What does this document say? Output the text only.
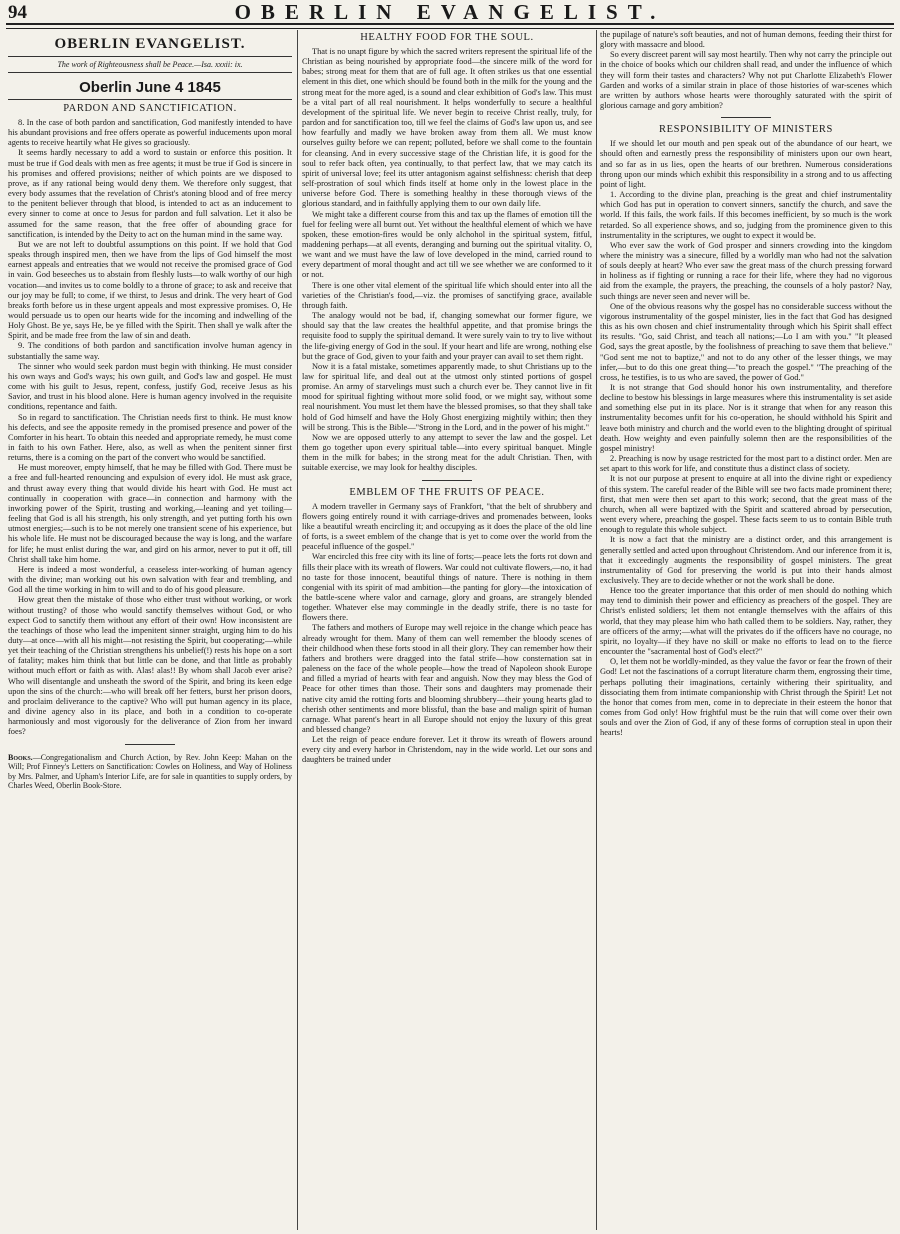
94	OBERLIN EVANGELIST.
OBERLIN EVANGELIST.
The work of Righteousness shall be Peace.—Isa. xxxii: ix.
Oberlin June 4 1845
PARDON AND SANCTIFICATION.

8. In the case of both pardon and sanctification, God manifestly intended to have his abundant provisions and free offers operate as powerful inducements upon moral agents to receive heartily what He gives so graciously.

It seems hardly necessary to add a word to sustain or enforce this position. It must be true if God deals with men as free agents; it must be true if God is sincere in his promises and offered provisions; neither of which points are we disposed to prove, as if any rational being would deny them. We therefore only suggest, that every body assumes that the revelation of Christ's atoning blood and of free mercy to the penitent believer through that blood, is intended to act as an inducement to every sinner to come at once to Jesus for pardon and full salvation. Let it also be assumed for the same reason, that the free offer of abounding grace for sanctification, is intended by the Deity to act on the human mind in the same way.

But we are not left to doubtful assumptions on this point. If we hold that God speaks through inspired men, then we have from the lips of God himself the most earnest appeals and entreaties that we would not receive the promised grace of God in vain. God beseeches us to abstain from fleshly lusts—to walk worthy of our high vocation—and invites us to come boldly to a throne of grace; to ask and receive that our joy may be full; to come, if we thirst, to Jesus and drink. The very heart of God breaks forth before us in these urgent appeals and most expressive promises. O, He would persuade us to open our hearts wide for the incoming and indwelling of the Holy Ghost. Be ye, says He, be ye filled with the Spirit. Then shall ye walk after the Spirit, and be made free from the law of sin and death.

9. The conditions of both pardon and sanctification involve human agency in substantially the same way.

The sinner who would seek pardon must begin with thinking. He must consider his own ways and God's ways; his own guilt, and God's law and gospel. He must come with his guilt to Jesus, repent, confess, justify God, receive Jesus as his Savior, and trust in his blood alone. Here is human agency involved in the requisite conditions, repentance and faith.

So in regard to sanctification. The Christian needs first to think. He must know his defects, and see the apposite remedy in the promised presence and power of the Comforter in his heart. To obtain this needed and appropriate remedy, he must come in faith to his own Father. Here, also, as well as when the penitent sinner first returns, there is a coming on the part of the convert who would be sanctified.

He must moreover, empty himself, that he may be filled with God. There must be a free and full-hearted renouncing and expulsion of every idol. He must ask grace, and thrust away every thing that would divide his heart with God. He must act continually in cooperation with grace—in connection and harmony with the inworking power of the Spirit, trusting and working,—leaning and yet toiling—feeling that God is all his strength, his only strength, and yet putting forth his own utmost energies;—such is to be not merely one transient scene of his experience, but his whole life. He must not be discouraged because the way is long, and the warfare for life; he must enlist during the war, and gird on his armor, never to put it off, till Christ shall take him home.

Here is indeed a most wonderful, a ceaseless inter-working of human agency with the divine; man working out his own salvation with fear and trembling, and God all the time working in him to will and to do of his good pleasure.

How great then the mistake of those who either trust without working, or work without trusting? of those who would sanctify themselves without God, or who expect God to sanctify them without any effort of their own! How inconsistent are the teachings of those who lead the impenitent sinner straight, urging him to do his duty—at once—with all his might—not resisting the Spirit, but cooperating;—while yet their teaching of the Christian strengthens his unbelief(!) rests his hope on a sort of fatality; makes him think that but little can be done, and that little as probably without much effort or faith as with. Alas! alas!! By whom shall Jacob ever arise? Who will disentangle and unsheath the sword of the Spirit, and bring its keen edge upon the sins of the church:—who will break off her fetters, burst her prison doors, and proclaim deliverance to the captive? Who will put human agency in its place, and divine agency also in its place, and both in a condition to co-operate harmoniously and most vigorously for the deliverance of Zion from her inward foes?

Books.—Congregationalism and Church Action, by Rev. John Keep: Mahan on the Will; Prof Finney's Letters on Sanctification: Cowles on Holiness, and Way of Holiness by Mrs. Palmer, and Upham's Interior Life, are for sale in quantities to supply orders, by Charles Weed, Oberlin Book-Store.

HEALTHY FOOD FOR THE SOUL.

That is no unapt figure by which the sacred writers represent the spiritual life of the Christian as being nourished by appropriate food—the sincere milk of the word for babes; strong meat for them that are of full age. It often strikes us that one essential element in this diet, one which should be found both in the milk for the young and the strong meat for the more aged, is a sound and clear exhibition of God's law. This must be a vital part of all real nourishment. It helps wonderfully to secure a healthful development of the spiritual life. We never begin to receive Christ really, truly, for pardon and for sanctification too, till we feel the claims of God's law upon us, and see how fearfully and madly we have broken away from them all. We must know ourselves guilty before we can repent; polluted, before we shall come to the fountain for cleansing. And in every successive stage of the Christian life, it is good for the soul to refer back often, yea continually, to that perfect law, that we may catch its spirit of universal love; feel its utter antagonism against selfishness: cherish that deep self-prostration of soul which finds itself at home only in the lowest place in the universe before God. There is something healthy in these thorough views of the glorious standard, and in faithfully applying them to our own daily life.

We might take a different course from this and tax up the flames of emotion till the fuel for feeling were all burnt out. Yet without the healthful element of which we have spoken, these emotion-fires would be only alchohol in the spiritual system, fitful, maddening perhaps—at all events, deranging and burning out the spiritual vitality. O, we want and we must have the law of love developed in the mind, carried round to every department of moral thought and act till we see whether we are conformed to it or not.

There is one other vital element of the spiritual life which should enter into all the varieties of the Christian's food,—viz. the promises of sanctifying grace, available through faith.

The analogy would not be bad, if, changing somewhat our former figure, we should say that the law creates the healthful appetite, and that promise brings the requisite food to supply the spiritual demand. It were surely vain to try to live without the life-giving energy of God in the soul. If your heart and life are wrong, nothing else but the grace of God, given to your faith and your prayer can avail to set them right.

Now it is a fatal mistake, sometimes apparently made, to shut Christians up to the law for spiritual life, and deal out at the utmost only stinted portions of gospel promise. An army of starvelings must such a church ever be. They cannot live in fit mood for spiritual fighting without more solid food, or we might say, without some real nourishment. You must let them have the blessed promises, so that they shall take hold of God himself and have the Holy Ghost energizing mightily within; then they will be strong. This is the Bible—"Strong in the Lord, and in the power of his might."

Now we are opposed utterly to any attempt to sever the law and the gospel. Let them go together upon every spiritual table—into every spiritual banquet. Mingle them in the milk for babes; in the strong meat for the adult Christian. Then, with suitable exercise, we may look for healthy disciples.

EMBLEM OF THE FRUITS OF PEACE.

A modern traveller in Germany says of Frankfort, "that the belt of shrubbery and flowers going entirely round it with carriage-drives and promenades between, looks like a beautiful wreath encircling it; and occupying as it does the place of the old line of forts, is a sweet emblem of the change that is yet to come over the world from the peaceful influence of the gospel."

War encircled this free city with its line of forts;—peace lets the forts rot down and fills their place with its wreath of flowers. War could not cultivate flowers,—no, it had no taste for those innocent, beautiful things of nature. There is nothing in them congenial with its spirit of mad ambition—the panting for glory—the intoxication of the battle-scene where valor and carnage, glory and groans, are strangely blended together. Whatever else may commingle in the deadly strife, there is no taste for flowers there.

The fathers and mothers of Europe may well rejoice in the change which peace has already wrought for them. Many of them can well remember the bloody scenes of their childhood when these forts stood in all their glory. They can remember how their fathers and brothers were dragged into the fatal strife—how consternation sat in paleness on the face of the whole people—how the tread of Napoleon shook Europe and filled a myriad of hearts with fear and anguish. Now they may bless the God of Peace for other times than those. Their sons and daughters may promenade their native city amid the rotting forts and blooming shrubbery—their young hearts glad to cherish other sentiments and more blissful, than the base and malign spirit of human carnage. What parent's heart in all Europe should not enjoy the luxury of this great and blessed change?

Let the reign of peace endure forever. Let it throw its wreath of flowers around every city and every harbor in Christendom, nay in the wide world. Let our sons and daughters be trained under

the pupilage of nature's soft beauties, and not of human demons, feeding their thirst for glory with massacre and blood.

So every discreet parent will say most heartily. Then why not carry the principle out in the choice of books which our children shall read, and under the influence of which they will form their tastes and characters? Why not put Charlotte Elizabeth's Flower Garden and works of a similar strain in place of those histories of war-scenes which are written by authors whose hearts were thoroughly saturated with the spirit of glorious carnage and gory ambition?

RESPONSIBILITY OF MINISTERS

If we should let our mouth and pen speak out of the abundance of our heart, we should often and earnestly press the responsibility of ministers upon our own heart, and so far as in us lies, open the hearts of our brethren. Numerous considerations throng upon our minds which exhibit this responsibility in a strong and to us affecting point of light.

1. According to the divine plan, preaching is the great and chief instrumentality which God has put in operation to convert sinners, sanctify the church, and save the world. If this fails, the work fails. If this becomes inefficient, by so much is the work retarded. So all experience shows, and so, judging from the prominence given to this instrumentality in the scriptures, we ought to expect it would be.

Who ever saw the work of God prosper and sinners crowding into the kingdom where the ministry was a sinecure, filled by a worldly man who had not the salvation of souls deeply at heart? Who ever saw the great mass of the church pressing forward in holiness as if fighting or running a race for their life, where they had no vigorous aid from the example, the prayers, the preaching, the counsels of a holy pastor? Nay, such things are never seen and never will be.

One of the obvious reasons why the gospel has no considerable success without the vigorous instrumentality of the gospel minister, lies in the fact that God has designed this as his own chosen and chief instrumentality through which his Spirit shall effect its results. "Go, said Christ, and teach all nations;—Lo I am with you." "It pleased God, says the great apostle, by the foolishness of preaching to save them that believe." "God sent me not to baptize," and not to do any other of the lesser things, we may infer,—but to do this one great thing—"to preach the gospel." "The preaching of the cross, he testifies, is to us who are saved, the power of God."

It is not strange that God should honor his own instrumentality, and therefore decline to bestow his blessings in large measures where this instrumentality is set aside and something else put in its place. Nor is it strange that when for any reason this instrumentality becomes unfit for his co-operation, he should withhold his Spirit and leave both ministry and church and the world even to the blighting drought of spiritual death. How weighty and even painfully solemn then are the responsibilities of the gospel ministry!

2. Preaching is now by usage restricted for the most part to a distinct order. Men are set apart to this work for life, and constitute thus a distinct class of society.

It is not our purpose at present to enquire at all into the divine right or expediency of this system. The careful reader of the Bible will see two facts made prominent there; first, that men were then set apart to this work; second, that the great mass of the church, when all were baptized with the Spirit and scattered abroad by persecution, went every where, preaching the gospel. These facts seem to us to contain Bible truth enough to regulate this whole subject.

It is now a fact that the ministry are a distinct order, and this arrangement is generally settled and acted upon throughout Christendom. And our inference from it is, that it exceedingly augments the responsibility of gospel ministers. The great instrumentality of God for preserving the world is put into their hands almost exclusively. They are to decide whether or not the work shall be done.

Hence too the greater importance that this order of men should do nothing which may tend to diminish their power and efficiency as preachers of the gospel. They are Christ's enlisted soldiers; let them not entangle themselves with the affairs of this world, that they may please him who hath called them to be soldiers. Nay, rather, they are officers of the army;—what will the privates do if the officers have no courage, no spirit, no loyalty—if they have no skill or make no efforts to lead on to the fierce encounter the "sacramental host of God's elect?"

O, let them not be worldly-minded, as they value the favor or fear the frown of their God! Let not the fascinations of a corrupt literature charm them, engrossing their time, perhaps polluting their imaginations, certainly withering their spirituality, and dissociating them from intimate companionship with Christ through the Spirit! Let not the honor that comes from men, come in to depreciate in their esteem the honor that comes from God only! How frightful must be the ruin that will come over their own souls and over the Zion of God, if any of these forms of corruption steal in upon their hearts!
